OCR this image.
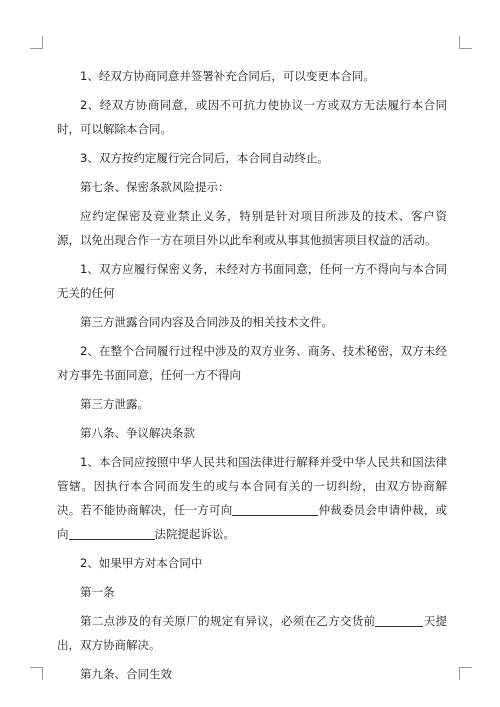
1、经双方协商同意并签署补充合同后，可以变更本合同。

2、经双方协商同意，或因不可抗力使协议一方或双方无法履行本合同时，可以解除本合同。

3、双方按约定履行完合同后，本合同自动终止。

第七条、保密条款风险提示：

应约定保密及竞业禁止义务，特别是针对项目所涉及的技术、客户资源，以免出现合作一方在项目外以此牟利或从事其他损害项目权益的活动。

1、双方应履行保密义务，未经对方书面同意，任何一方不得向与本合同无关的任何

第三方泄露合同内容及合同涉及的相关技术文件。

2、在整个合同履行过程中涉及的双方业务、商务、技术秘密，双方未经对方事先书面同意，任何一方不得向

第三方泄露。

第八条、争议解决条款

1、本合同应按照中华人民共和国法律进行解释并受中华人民共和国法律管辖。因执行本合同而发生的或与本合同有关的一切纠纷，由双方协商解决。若不能协商解决，任一方可向	仲裁委员会申请仲裁，或向	法院提起诉讼。

2、如果甲方对本合同中

第一条

第二点涉及的有关原厂的规定有异议，必须在乙方交货前	天提出，双方协商解决。

第九条、合同生效
